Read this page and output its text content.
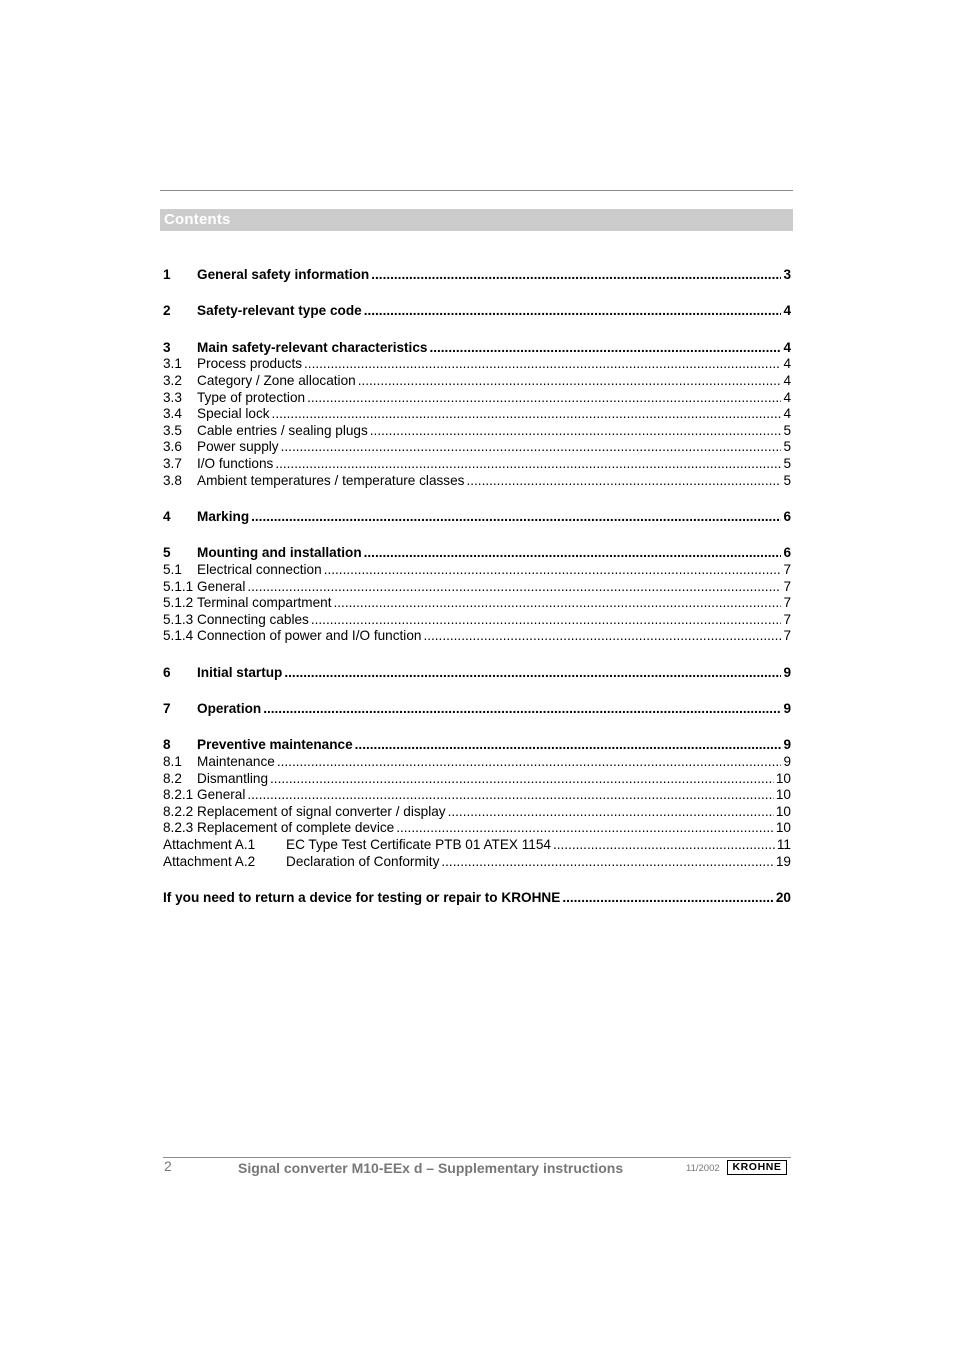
Contents
1	General safety information .....	3
2	Safety-relevant type code .....	4
3	Main safety-relevant characteristics .....	4
3.1	Process products .....	4
3.2	Category / Zone allocation .....	4
3.3	Type of protection .....	4
3.4	Special lock .....	4
3.5	Cable entries / sealing plugs .....	5
3.6	Power supply .....	5
3.7	I/O functions .....	5
3.8	Ambient temperatures / temperature classes .....	5
4	Marking .....	6
5	Mounting and installation .....	6
5.1	Electrical connection .....	7
5.1.1 General .....	7
5.1.2 Terminal compartment .....	7
5.1.3 Connecting cables .....	7
5.1.4 Connection of power and I/O function .....	7
6	Initial startup .....	9
7	Operation .....	9
8	Preventive maintenance .....	9
8.1	Maintenance .....	9
8.2	Dismantling .....	10
8.2.1 General .....	10
8.2.2 Replacement of signal converter / display .....	10
8.2.3 Replacement of complete device .....	10
Attachment A.1	EC Type Test Certificate PTB 01 ATEX 1154 .....	11
Attachment A.2	Declaration of Conformity .....	19
If you need to return a device for testing or repair to KROHNE .....	20
2	Signal converter M10-EEx d – Supplementary instructions	11/2002	KROHNE
